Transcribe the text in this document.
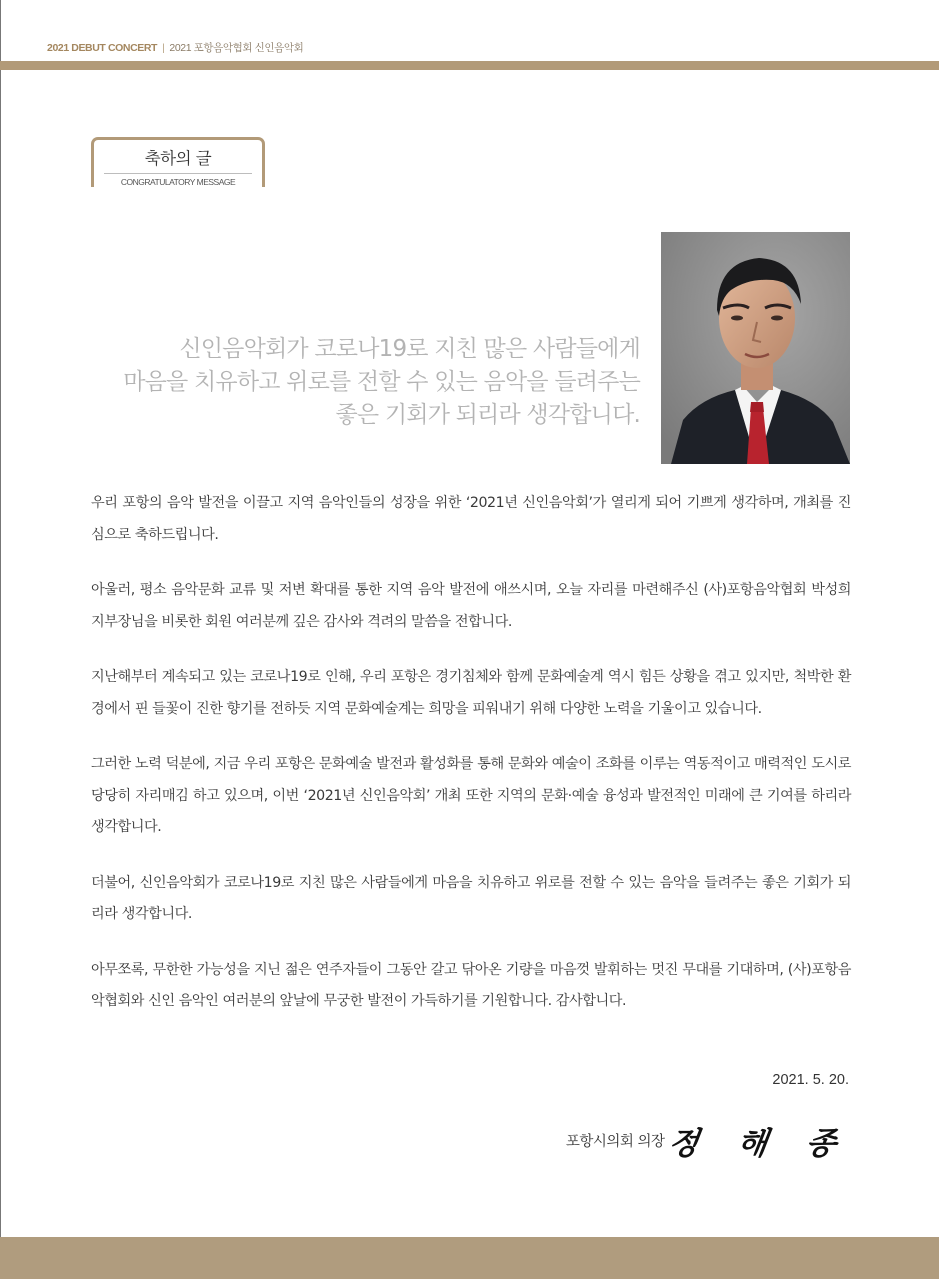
2021 DEBUT CONCERT | 2021 포항음악협회 신인음악회
축하의 글
CONGRATULATORY MESSAGE
신인음악회가 코로나19로 지친 많은 사람들에게
마음을 치유하고 위로를 전할 수 있는 음악을 들려주는
좋은 기회가 되리라 생각합니다.

우리 포항의 음악 발전을 이끌고 지역 음악인들의 성장을 위한 ‘2021년 신인음악회’가 열리게 되어 기쁘게 생각하며, 개최를 진심으로 축하드립니다.

아울러, 평소 음악문화 교류 및 저변 확대를 통한 지역 음악 발전에 애쓰시며, 오늘 자리를 마련해주신 (사)포항음악협회 박성희 지부장님을 비롯한 회원 여러분께 깊은 감사와 격려의 말씀을 전합니다.

지난해부터 계속되고 있는 코로나19로 인해, 우리 포항은 경기침체와 함께 문화예술계 역시 힘든 상황을 겪고 있지만, 척박한 환경에서 핀 들꽃이 진한 향기를 전하듯 지역 문화예술계는 희망을 피워내기 위해 다양한 노력을 기울이고 있습니다.

그러한 노력 덕분에, 지금 우리 포항은 문화예술 발전과 활성화를 통해 문화와 예술이 조화를 이루는 역동적이고 매력적인 도시로 당당히 자리매김 하고 있으며, 이번 ‘2021년 신인음악회’ 개최 또한 지역의 문화·예술 융성과 발전적인 미래에 큰 기여를 하리라 생각합니다.

더불어, 신인음악회가 코로나19로 지친 많은 사람들에게 마음을 치유하고 위로를 전할 수 있는 음악을 들려주는 좋은 기회가 되리라 생각합니다.

아무쪼록, 무한한 가능성을 지닌 젊은 연주자들이 그동안 갈고 닦아온 기량을 마음껏 발휘하는 멋진 무대를 기대하며, (사)포항음악협회와 신인 음악인 여러분의 앞날에 무궁한 발전이 가득하기를 기원합니다. 감사합니다.

2021. 5. 20.
포항시의회 의장정 해 종
